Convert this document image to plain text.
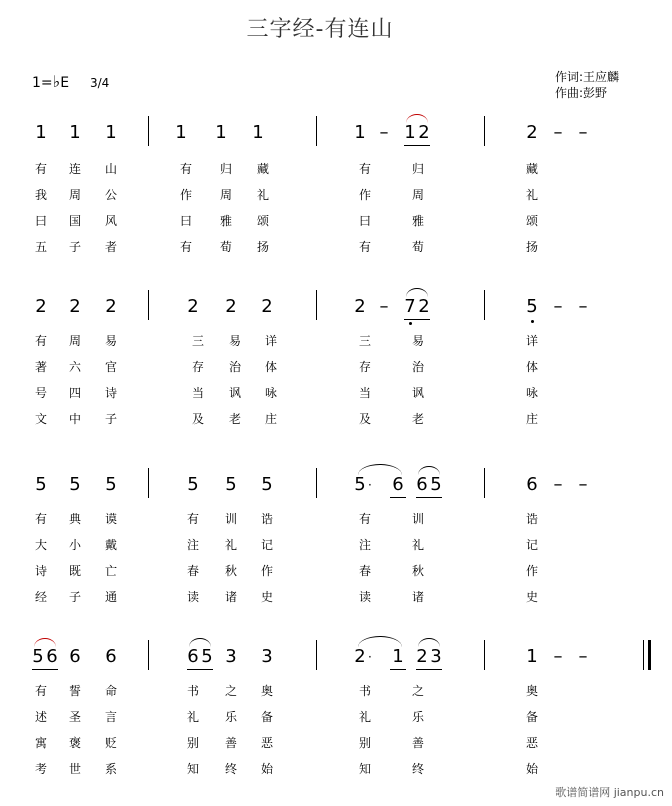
三字经-有连山
1=♭E 3/4	作词:王应麟
作曲:彭野
1 1 1	1 1 1	1 – 1 2	2 – –
有 连 山	有 归 藏	有	归	藏
我 周 公	作 周 礼	作	周	礼
曰 国 风	曰 雅 颂	曰	雅	颂
五 子 者	有 荀 扬	有	荀	扬
2 2 2	2 2 2	2 – 7 2	5 – –
有 周 易	三 易 详	三	易	详
著 六 官	存 治 体	存	治	体
号 四 诗	当 讽 咏	当	讽	咏
文 中 子	及 老 庄	及	老	庄
5 5 5	5 5 5	5 · 6 6 5	6 – –
有 典 谟	有 训 诰	有	训	诰
大 小 戴	注 礼 记	注	礼	记
诗 既 亡	春 秋 作	春	秋	作
经 子 通	读 诸 史	读	诸	史
5 6 6 6	6 5 3 3	2 · 1 2 3	1 – –
有 誓 命	书 之 奥	书	之	奥
述 圣 言	礼 乐 备	礼	乐	备
寓 褒 贬	别 善 恶	别	善	恶
考 世 系	知 终 始	知	终	始
歌谱简谱网 jianpu.cn
